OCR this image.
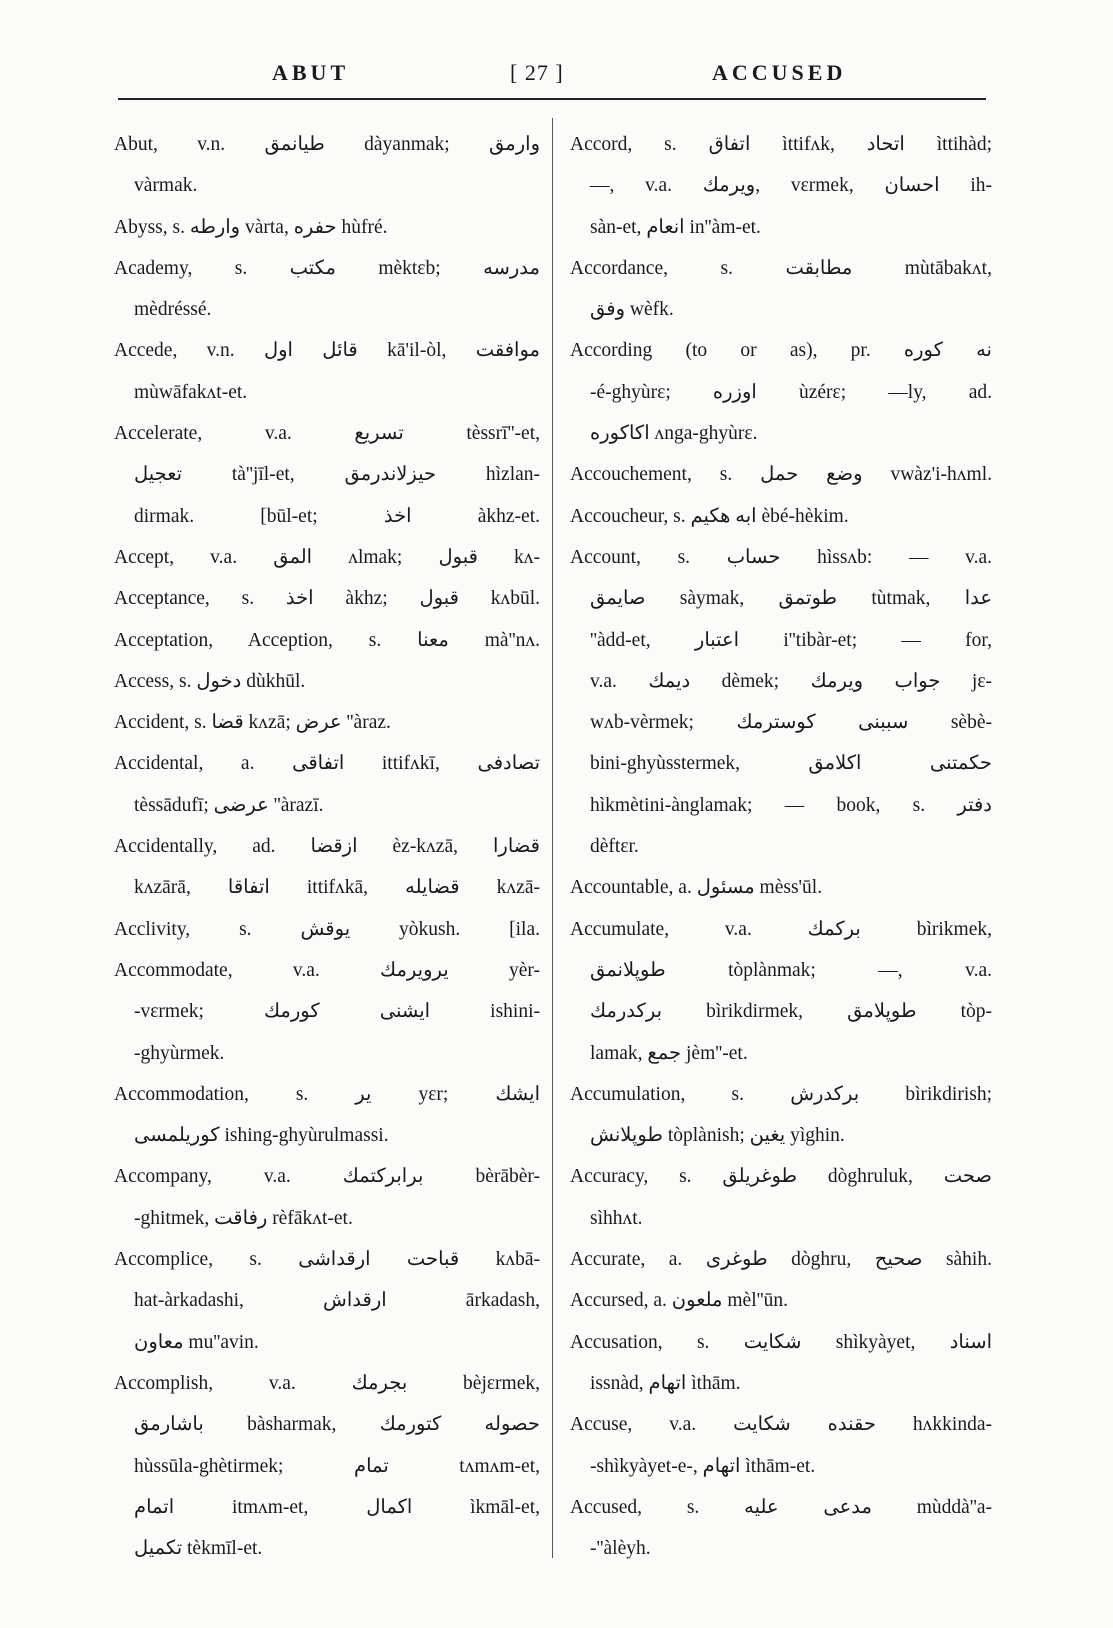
ABUT	[ 27 ]	ACCUSED
Abut, v.n. طيانمق dàyanmak; وارمق
vàrmak.
Abyss, s. وارطه vàrta, حفره hùfré.
Academy, s. مكتب mèktɛb; مدرسه
mèdréssé.
Accede, v.n. قائل اول kā'il-òl, موافقت
mùwāfakʌt-et.
Accelerate, v.a. تسريع tèssrī''-et,
تعجيل tà''jīl-et, حيزلاندرمق hìzlan-
dirmak. [būl-et; اخذ àkhz-et.
Accept, v.a. المق ʌlmak; قبول kʌ-
Acceptance, s. اخذ àkhz; قبول kʌbūl.
Acceptation, Acception, s. معنا mà''nʌ.
Access, s. دخول dùkhūl.
Accident, s. قضا kʌzā; عرض ''àraz.
Accidental, a. اتفاقى ittifʌkī, تصادفى
tèssādufī; عرضى ''àrazī.
Accidentally, ad. ازقضا èz-kʌzā, قضارا
kʌzārā, اتفاقا ittifʌkā, قضايله kʌzā-
Acclivity, s. يوقش yòkush. [ila.
Accommodate, v.a. يرويرمك yèr-
-vɛrmek; ايشنى كورمك ishini-
-ghyùrmek.
Accommodation, s. ير yɛr; ايشك
كوريلمسى ishing-ghyùrulmassi.
Accompany, v.a. برابركتمك bèrābèr-
-ghitmek, رفاقت rèfākʌt-et.
Accomplice, s. قباحت ارقداشى kʌbā-
hat-àrkadashi, ارقداش ārkadash,
معاون mu''avin.
Accomplish, v.a. بجرمك bèjɛrmek,
باشارمق bàsharmak, حصوله كتورمك
hùssūla-ghètirmek; تمام tʌmʌm-et,
اتمام itmʌm-et, اكمال ìkmāl-et,
تكميل tèkmīl-et.
Accord, s. اتفاق ìttifʌk, اتحاد ìttihàd;
—, v.a. ويرمك, vɛrmek, احسان ih-
sàn-et, انعام in''àm-et.
Accordance, s. مطابقت mùtābakʌt,
وفق wèfk.
According (to or as), pr. نه كوره
-é-ghyùrɛ; اوزره ùzérɛ; —ly, ad.
اكاكوره ʌnga-ghyùrɛ.
Accouchement, s. وضع حمل vwàz'i-hʌml.
Accoucheur, s. ابه هكيم èbé-hèkim.
Account, s. حساب hìssʌb: — v.a.
صايمق sàymak, طوتمق tùtmak, عدا
''àdd-et, اعتبار i''tibàr-et; — for,
v.a. ديمك dèmek; جواب ويرمك jɛ-
wʌb-vèrmek; سببنى كوسترمك sèbè-
bini-ghyùsstermek, حكمتنى اكلامق
hìkmètini-ànglamak; — book, s. دفتر
dèftɛr.
Accountable, a. مسئول mèss'ūl.
Accumulate, v.a. بركمك bìrikmek,
طوپلانمق tòplànmak; —, v.a.
بركدرمك bìrikdirmek, طوپلامق tòp-
lamak, جمع jèm''-et.
Accumulation, s. بركدرش bìrikdirish;
طوپلانش tòplànish; يغين yìghin.
Accuracy, s. طوغريلق dòghruluk, صحت
sìhhʌt.
Accurate, a. طوغرى dòghru, صحيح sàhih.
Accursed, a. ملعون mèl''ūn.
Accusation, s. شكايت shìkyàyet, اسناد
issnàd, اتهام ìthām.
Accuse, v.a. حقنده شكايت hʌkkinda-
-shìkyàyet-e-, اتهام ìthām-et.
Accused, s. مدعى عليه mùddà''a-
-''àlèyh.
